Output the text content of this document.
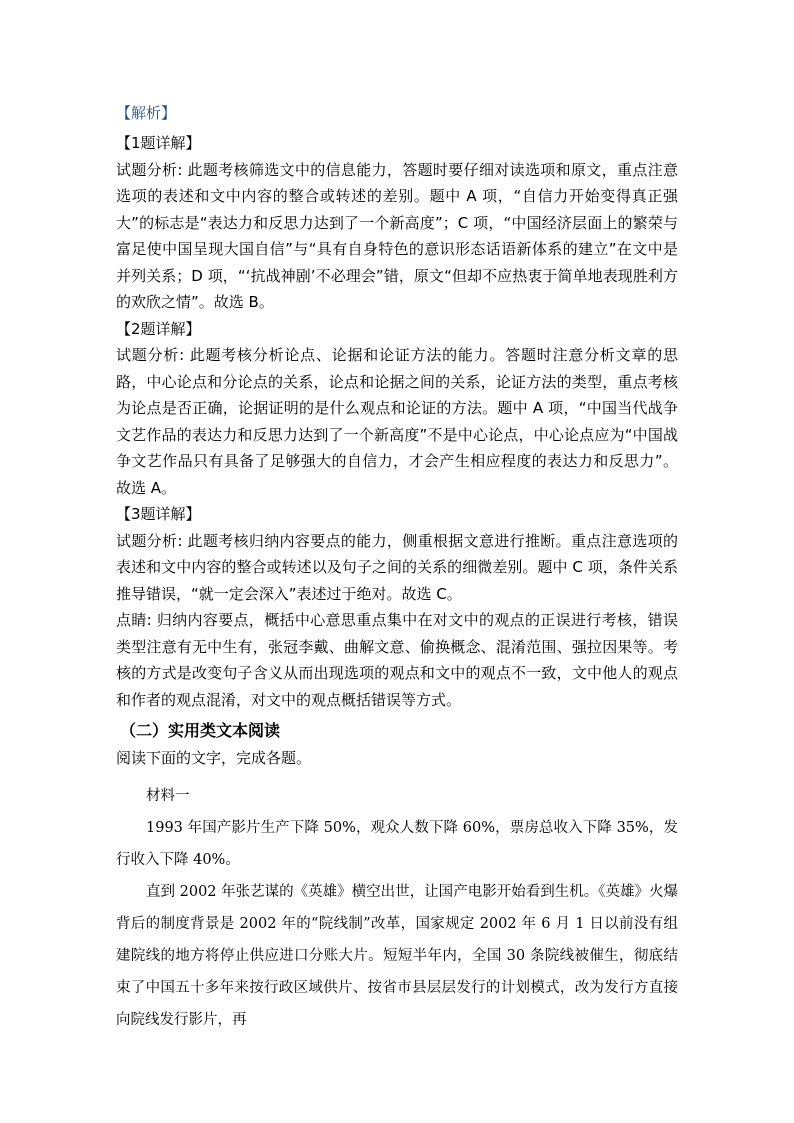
【解析】

【1题详解】

试题分析: 此题考核筛选文中的信息能力，答题时要仔细对读选项和原文，重点注意选项的表述和文中内容的整合或转述的差别。题中 A 项，“自信力开始变得真正强大”的标志是“表达力和反思力达到了一个新高度”；C 项，“中国经济层面上的繁荣与富足使中国呈现大国自信”与“具有自身特色的意识形态话语新体系的建立”在文中是并列关系；D 项，“‘抗战神剧’不必理会”错，原文“但却不应热衷于简单地表现胜利方的欢欣之情”。故选 B。

【2题详解】

试题分析: 此题考核分析论点、论据和论证方法的能力。答题时注意分析文章的思路，中心论点和分论点的关系，论点和论据之间的关系，论证方法的类型，重点考核为论点是否正确，论据证明的是什么观点和论证的方法。题中 A 项，“中国当代战争文艺作品的表达力和反思力达到了一个新高度”不是中心论点，中心论点应为“中国战争文艺作品只有具备了足够强大的自信力，才会产生相应程度的表达力和反思力”。故选 A。

【3题详解】

试题分析: 此题考核归纳内容要点的能力，侧重根据文意进行推断。重点注意选项的表述和文中内容的整合或转述以及句子之间的关系的细微差别。题中 C 项，条件关系推导错误，“就一定会深入”表述过于绝对。故选 C。

点睛: 归纳内容要点，概括中心意思重点集中在对文中的观点的正误进行考核，错误类型注意有无中生有，张冠李戴、曲解文意、偷换概念、混淆范围、强拉因果等。考核的方式是改变句子含义从而出现选项的观点和文中的观点不一致，文中他人的观点和作者的观点混淆，对文中的观点概括错误等方式。

（二）实用类文本阅读

阅读下面的文字，完成各题。

材料一

1993 年国产影片生产下降 50%，观众人数下降 60%，票房总收入下降 35%，发行收入下降 40%。

直到 2002 年张艺谋的《英雄》横空出世，让国产电影开始看到生机。《英雄》火爆背后的制度背景是 2002 年的“院线制”改革，国家规定 2002 年 6 月 1 日以前没有组建院线的地方将停止供应进口分账大片。短短半年内，全国 30 条院线被催生，彻底结束了中国五十多年来按行政区域供片、按省市县层层发行的计划模式，改为发行方直接向院线发行影片，再
